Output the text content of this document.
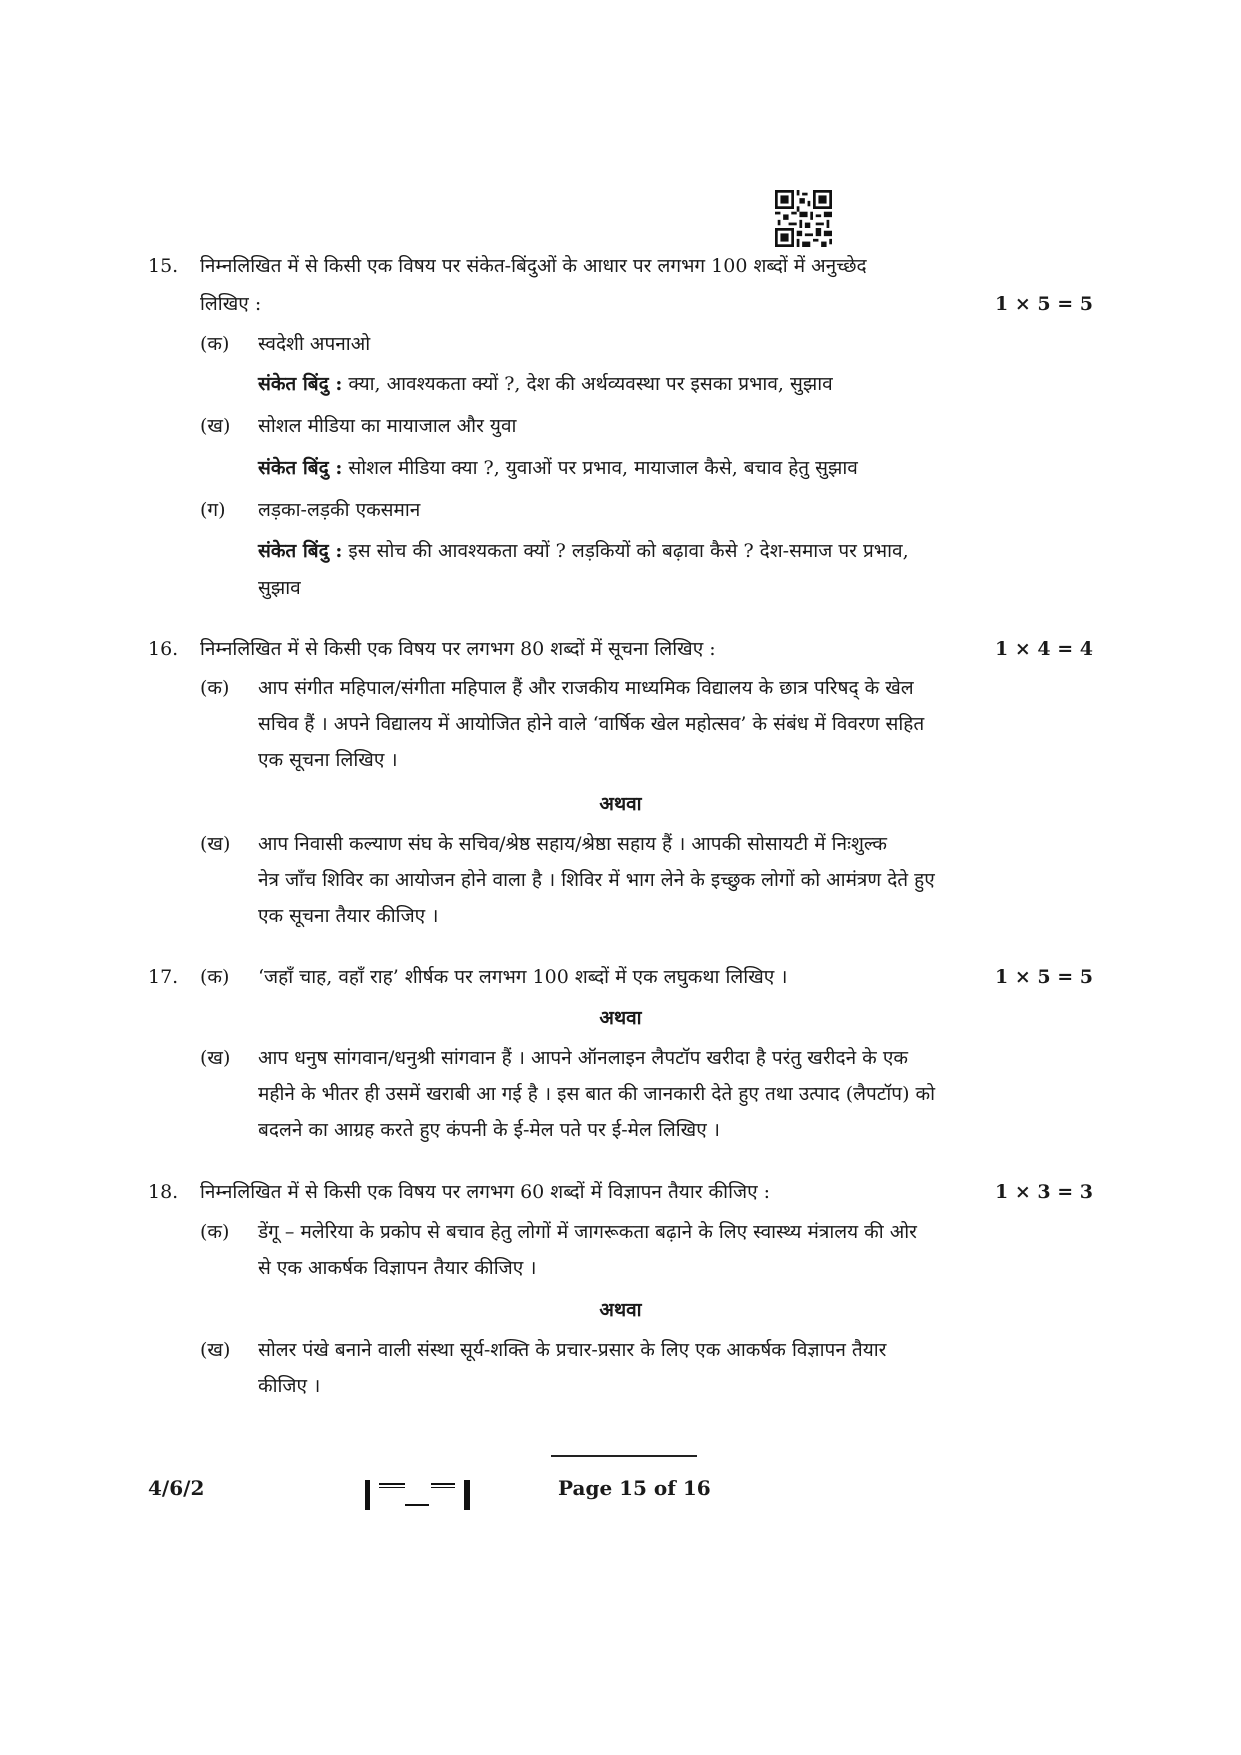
15.	निम्नलिखित में से किसी एक विषय पर संकेत-बिंदुओं के आधार पर लगभग 100 शब्दों में अनुच्छेद
लिखिए :	1 × 5 = 5
(क)	स्वदेशी अपनाओ
संकेत बिंदु : क्या, आवश्यकता क्यों ?, देश की अर्थव्यवस्था पर इसका प्रभाव, सुझाव
(ख)	सोशल मीडिया का मायाजाल और युवा
संकेत बिंदु : सोशल मीडिया क्या ?, युवाओं पर प्रभाव, मायाजाल कैसे, बचाव हेतु सुझाव
(ग)	लड़का-लड़की एकसमान
संकेत बिंदु : इस सोच की आवश्यकता क्यों ? लड़कियों को बढ़ावा कैसे ? देश-समाज पर प्रभाव,
सुझाव
16.	निम्नलिखित में से किसी एक विषय पर लगभग 80 शब्दों में सूचना लिखिए :	1 × 4 = 4
(क)	आप संगीत महिपाल/संगीता महिपाल हैं और राजकीय माध्यमिक विद्यालय के छात्र परिषद् के खेल
सचिव हैं । अपने विद्यालय में आयोजित होने वाले ‘वार्षिक खेल महोत्सव’ के संबंध में विवरण सहित
एक सूचना लिखिए ।
अथवा
(ख)	आप निवासी कल्याण संघ के सचिव/श्रेष्ठ सहाय/श्रेष्ठा सहाय हैं । आपकी सोसायटी में निःशुल्क
नेत्र जाँच शिविर का आयोजन होने वाला है । शिविर में भाग लेने के इच्छुक लोगों को आमंत्रण देते हुए
एक सूचना तैयार कीजिए ।
17.	(क)	‘जहाँ चाह, वहाँ राह’ शीर्षक पर लगभग 100 शब्दों में एक लघुकथा लिखिए ।	1 × 5 = 5
अथवा
(ख)	आप धनुष सांगवान/धनुश्री सांगवान हैं । आपने ऑनलाइन लैपटॉप खरीदा है परंतु खरीदने के एक
महीने के भीतर ही उसमें खराबी आ गई है । इस बात की जानकारी देते हुए तथा उत्पाद (लैपटॉप) को
बदलने का आग्रह करते हुए कंपनी के ई-मेल पते पर ई-मेल लिखिए ।
18.	निम्नलिखित में से किसी एक विषय पर लगभग 60 शब्दों में विज्ञापन तैयार कीजिए :	1 × 3 = 3
(क)	डेंगू – मलेरिया के प्रकोप से बचाव हेतु लोगों में जागरूकता बढ़ाने के लिए स्वास्थ्य मंत्रालय की ओर
से एक आकर्षक विज्ञापन तैयार कीजिए ।
अथवा
(ख)	सोलर पंखे बनाने वाली संस्था सूर्य-शक्ति के प्रचार-प्रसार के लिए एक आकर्षक विज्ञापन तैयार
कीजिए ।
4/6/2	Page 15 of 16
